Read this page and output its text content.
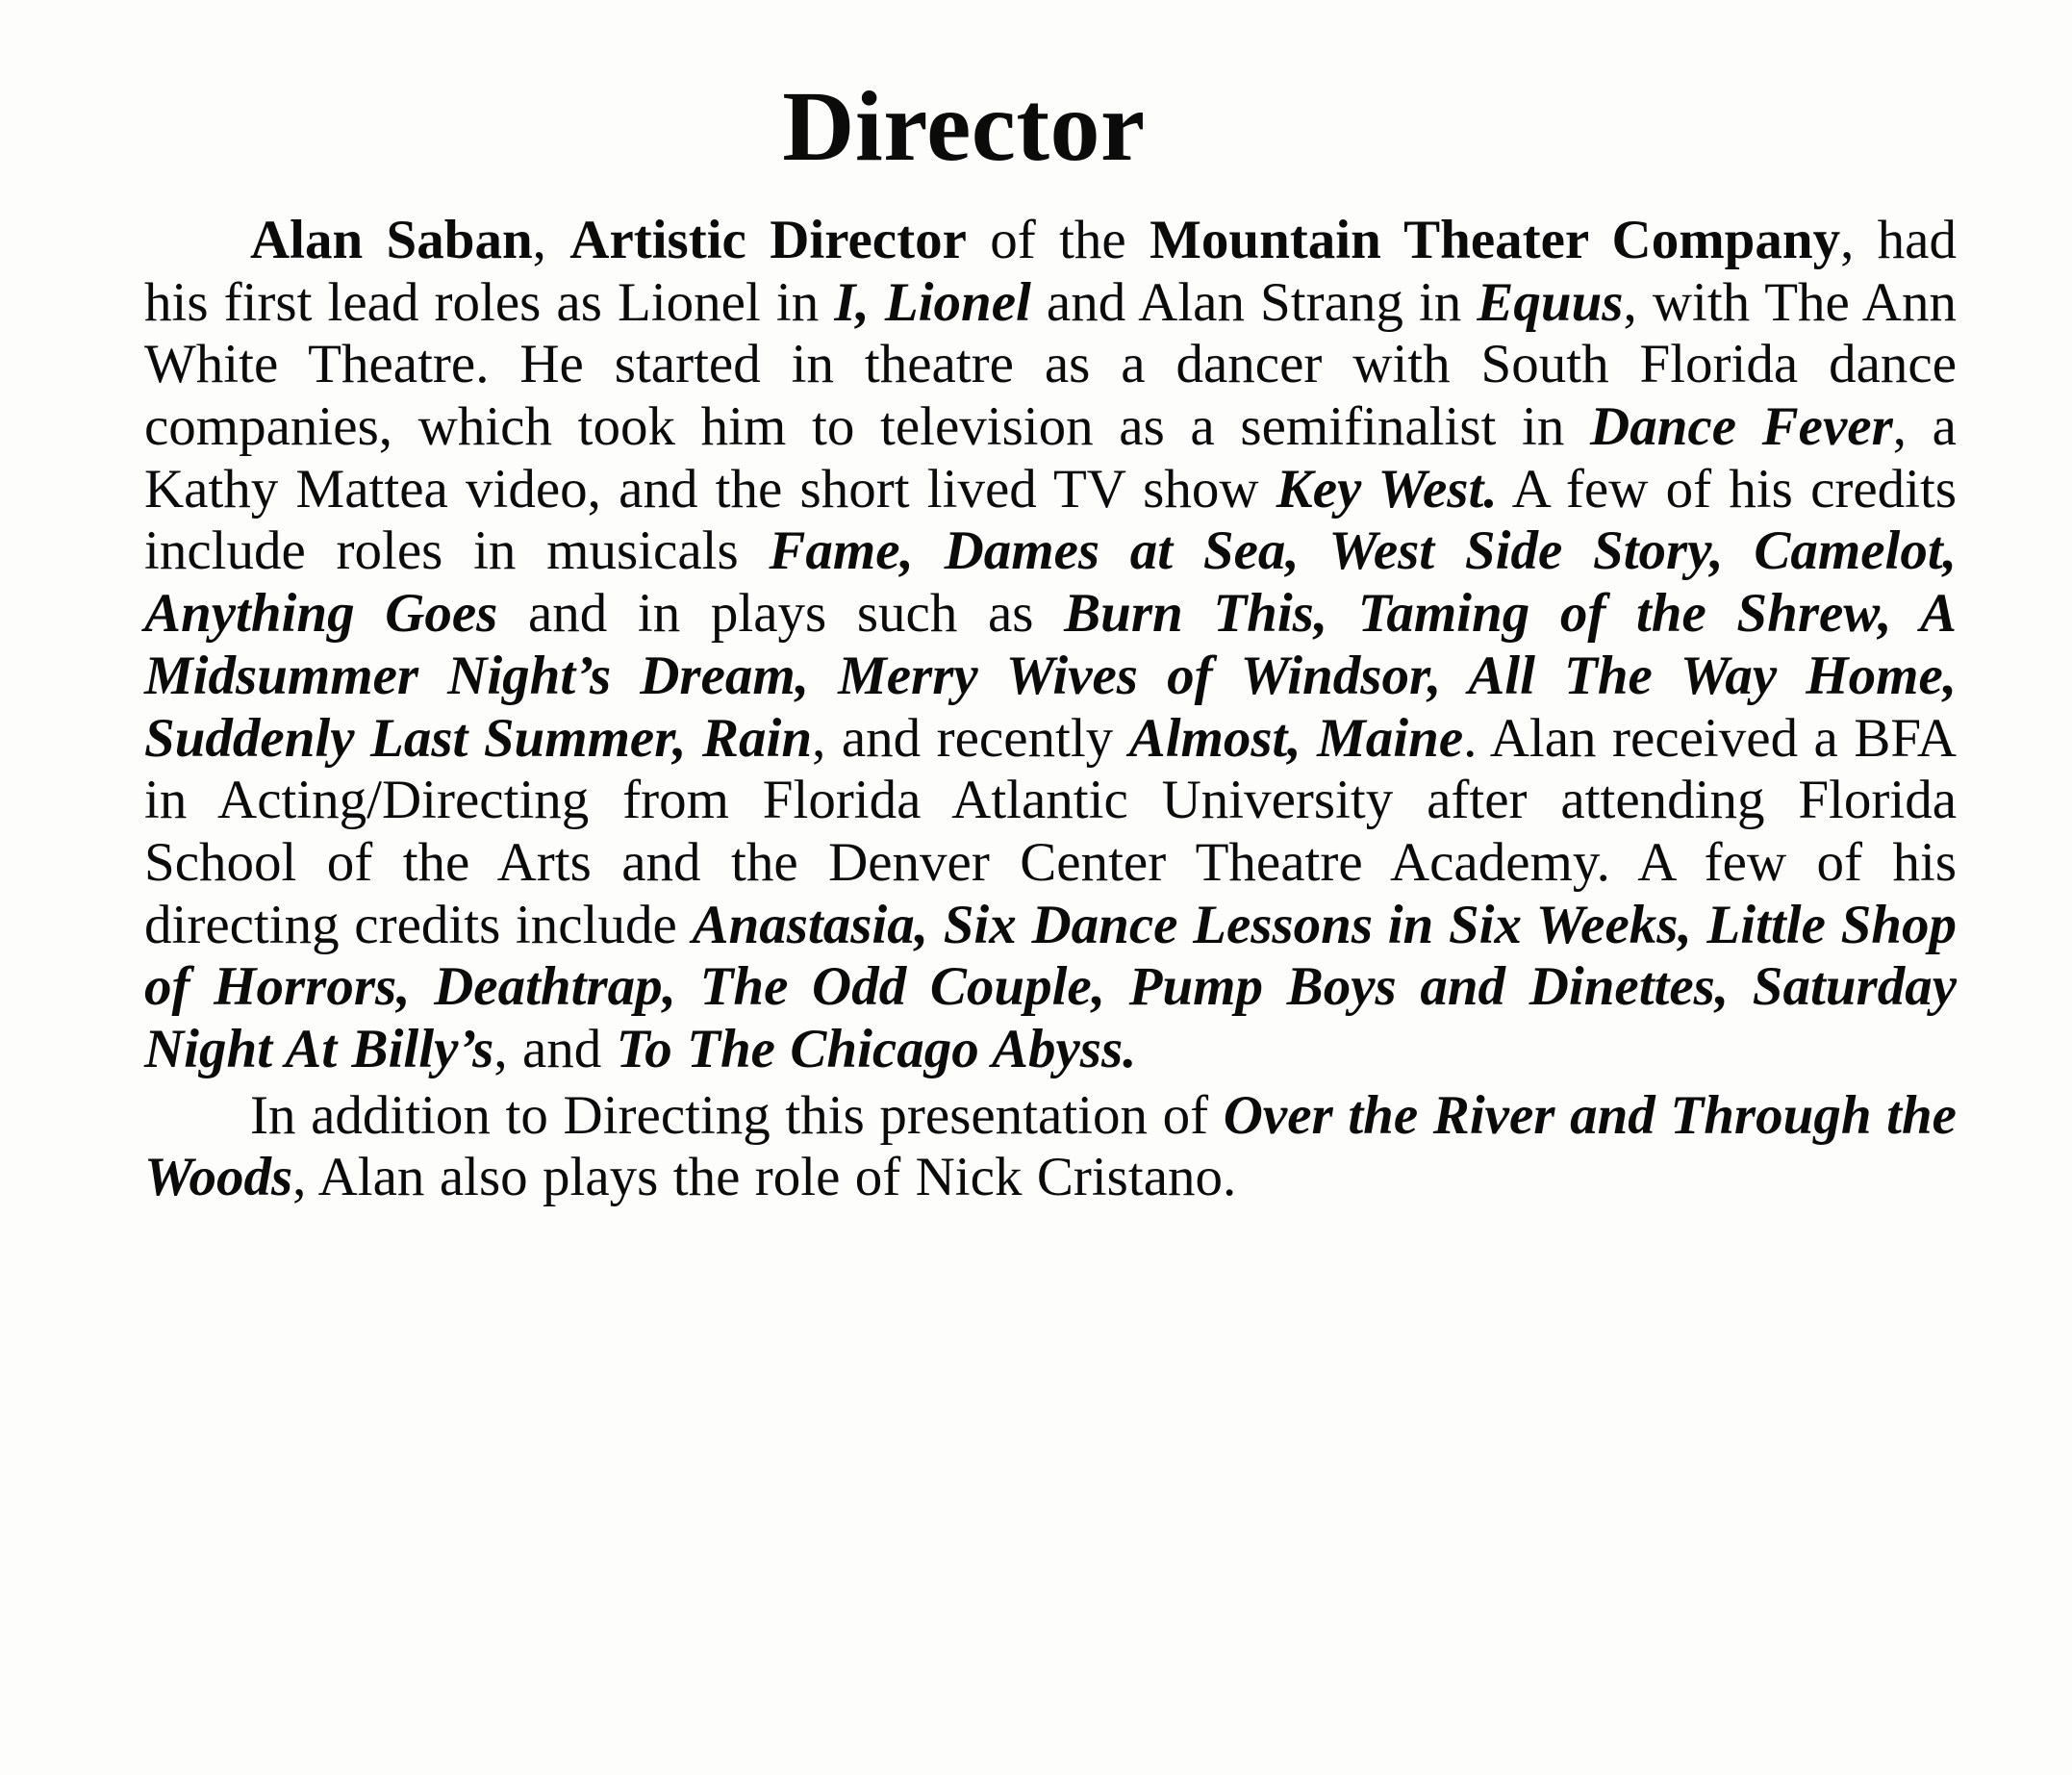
Director

Alan Saban, Artistic Director of the Mountain Theater Company, had his first lead roles as Lionel in I, Lionel and Alan Strang in Equus, with The Ann White Theatre. He started in theatre as a dancer with South Florida dance companies, which took him to television as a semifinalist in Dance Fever, a Kathy Mattea video, and the short lived TV show Key West. A few of his credits include roles in musicals Fame, Dames at Sea, West Side Story, Camelot, Anything Goes and in plays such as Burn This, Taming of the Shrew, A Midsummer Night’s Dream, Merry Wives of Windsor, All The Way Home, Suddenly Last Summer, Rain, and recently Almost, Maine. Alan received a BFA in Acting/Directing from Florida Atlantic University after attending Florida School of the Arts and the Denver Center Theatre Academy. A few of his directing credits include Anastasia, Six Dance Lessons in Six Weeks, Little Shop of Horrors, Deathtrap, The Odd Couple, Pump Boys and Dinettes, Saturday Night At Billy’s, and To The Chicago Abyss.

In addition to Directing this presentation of Over the River and Through the Woods, Alan also plays the role of Nick Cristano.
